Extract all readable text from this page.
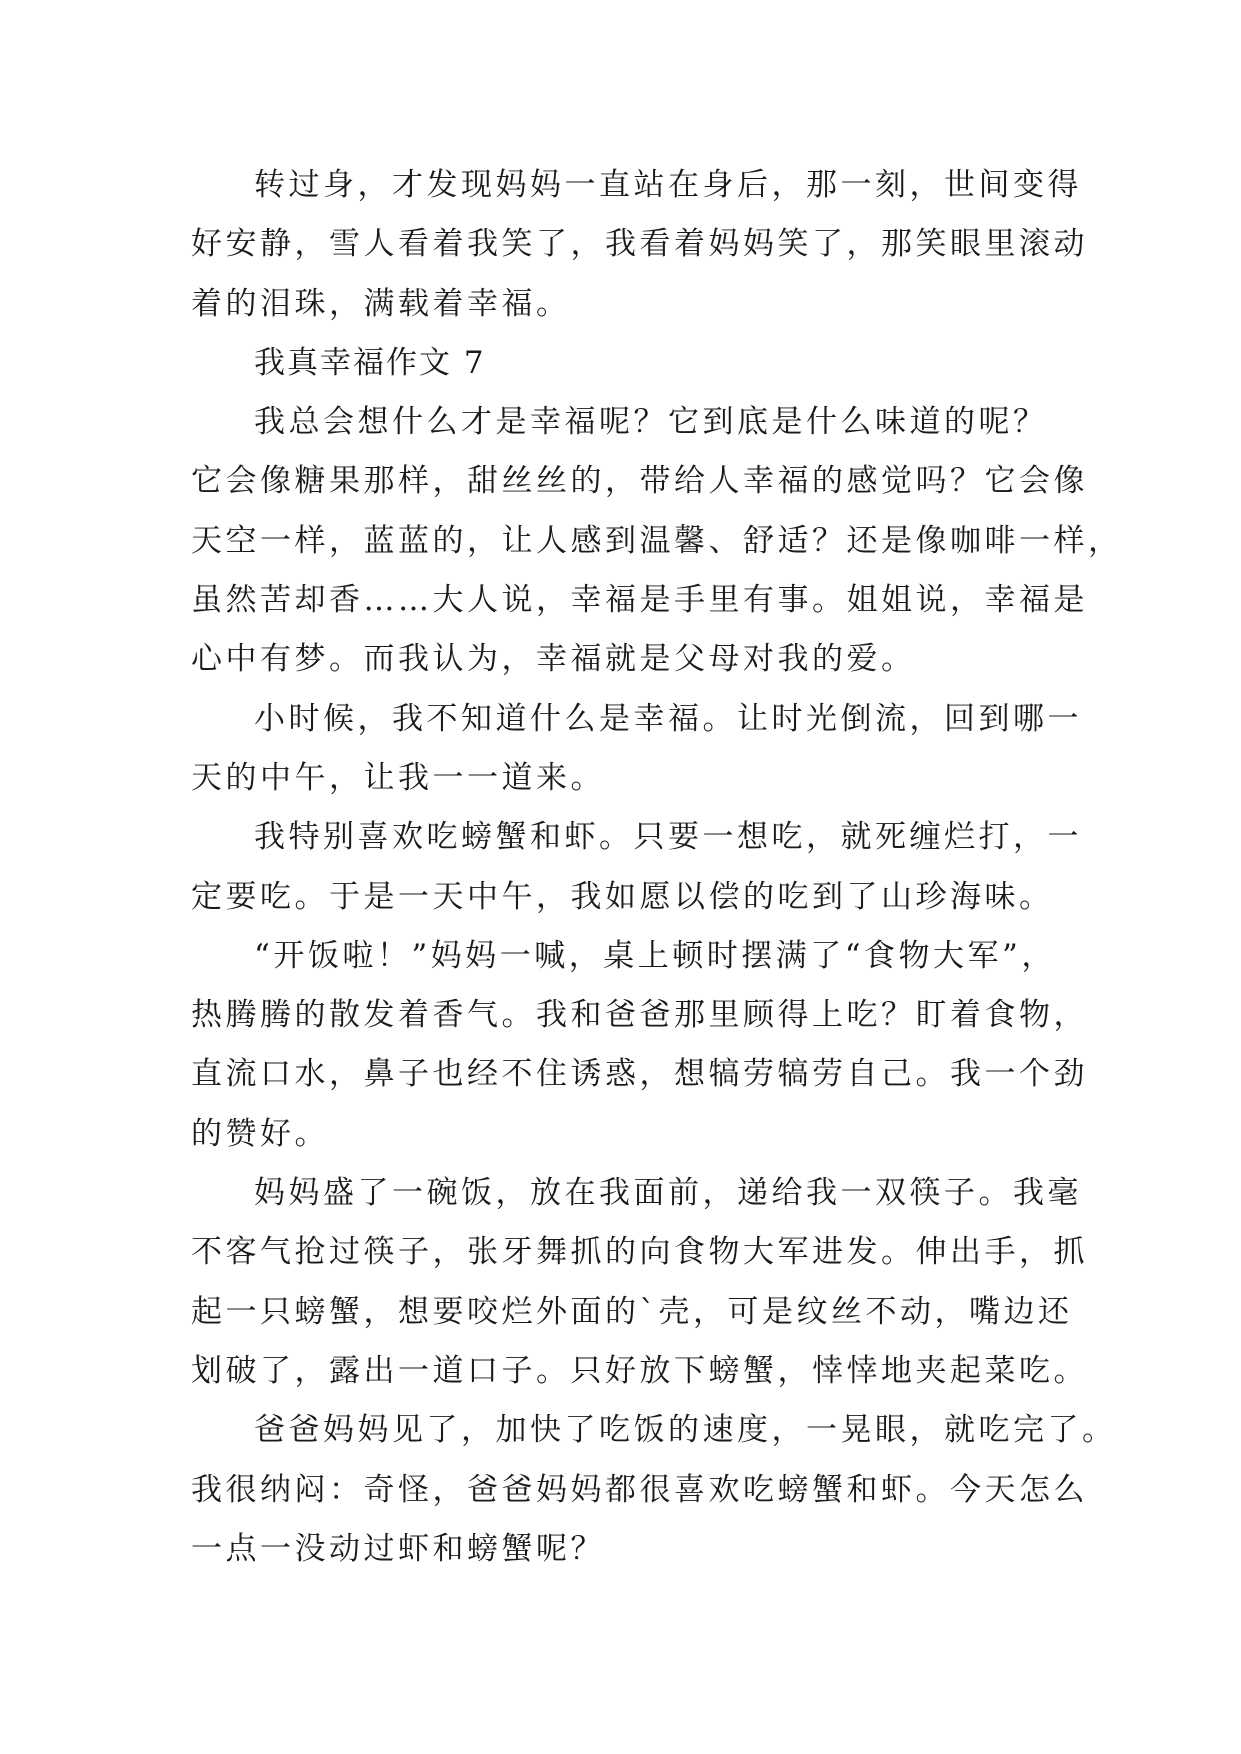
转过身，才发现妈妈一直站在身后，那一刻，世间变得
好安静，雪人看着我笑了，我看着妈妈笑了，那笑眼里滚动
着的泪珠，满载着幸福。
我真幸福作文 7
我总会想什么才是幸福呢？它到底是什么味道的呢？
它会像糖果那样，甜丝丝的，带给人幸福的感觉吗？它会像
天空一样，蓝蓝的，让人感到温馨、舒适？还是像咖啡一样，
虽然苦却香……大人说，幸福是手里有事。姐姐说，幸福是
心中有梦。而我认为，幸福就是父母对我的爱。
小时候，我不知道什么是幸福。让时光倒流，回到哪一
天的中午，让我一一道来。
我特别喜欢吃螃蟹和虾。只要一想吃，就死缠烂打，一
定要吃。于是一天中午，我如愿以偿的吃到了山珍海味。
“开饭啦！”妈妈一喊，桌上顿时摆满了“食物大军”，
热腾腾的散发着香气。我和爸爸那里顾得上吃？盯着食物，
直流口水，鼻子也经不住诱惑，想犒劳犒劳自己。我一个劲
的赞好。
妈妈盛了一碗饭，放在我面前，递给我一双筷子。我毫
不客气抢过筷子，张牙舞抓的向食物大军进发。伸出手，抓
起一只螃蟹，想要咬烂外面的`壳，可是纹丝不动，嘴边还
划破了，露出一道口子。只好放下螃蟹，悻悻地夹起菜吃。
爸爸妈妈见了，加快了吃饭的速度，一晃眼，就吃完了。
我很纳闷：奇怪，爸爸妈妈都很喜欢吃螃蟹和虾。今天怎么
一点一没动过虾和螃蟹呢？
